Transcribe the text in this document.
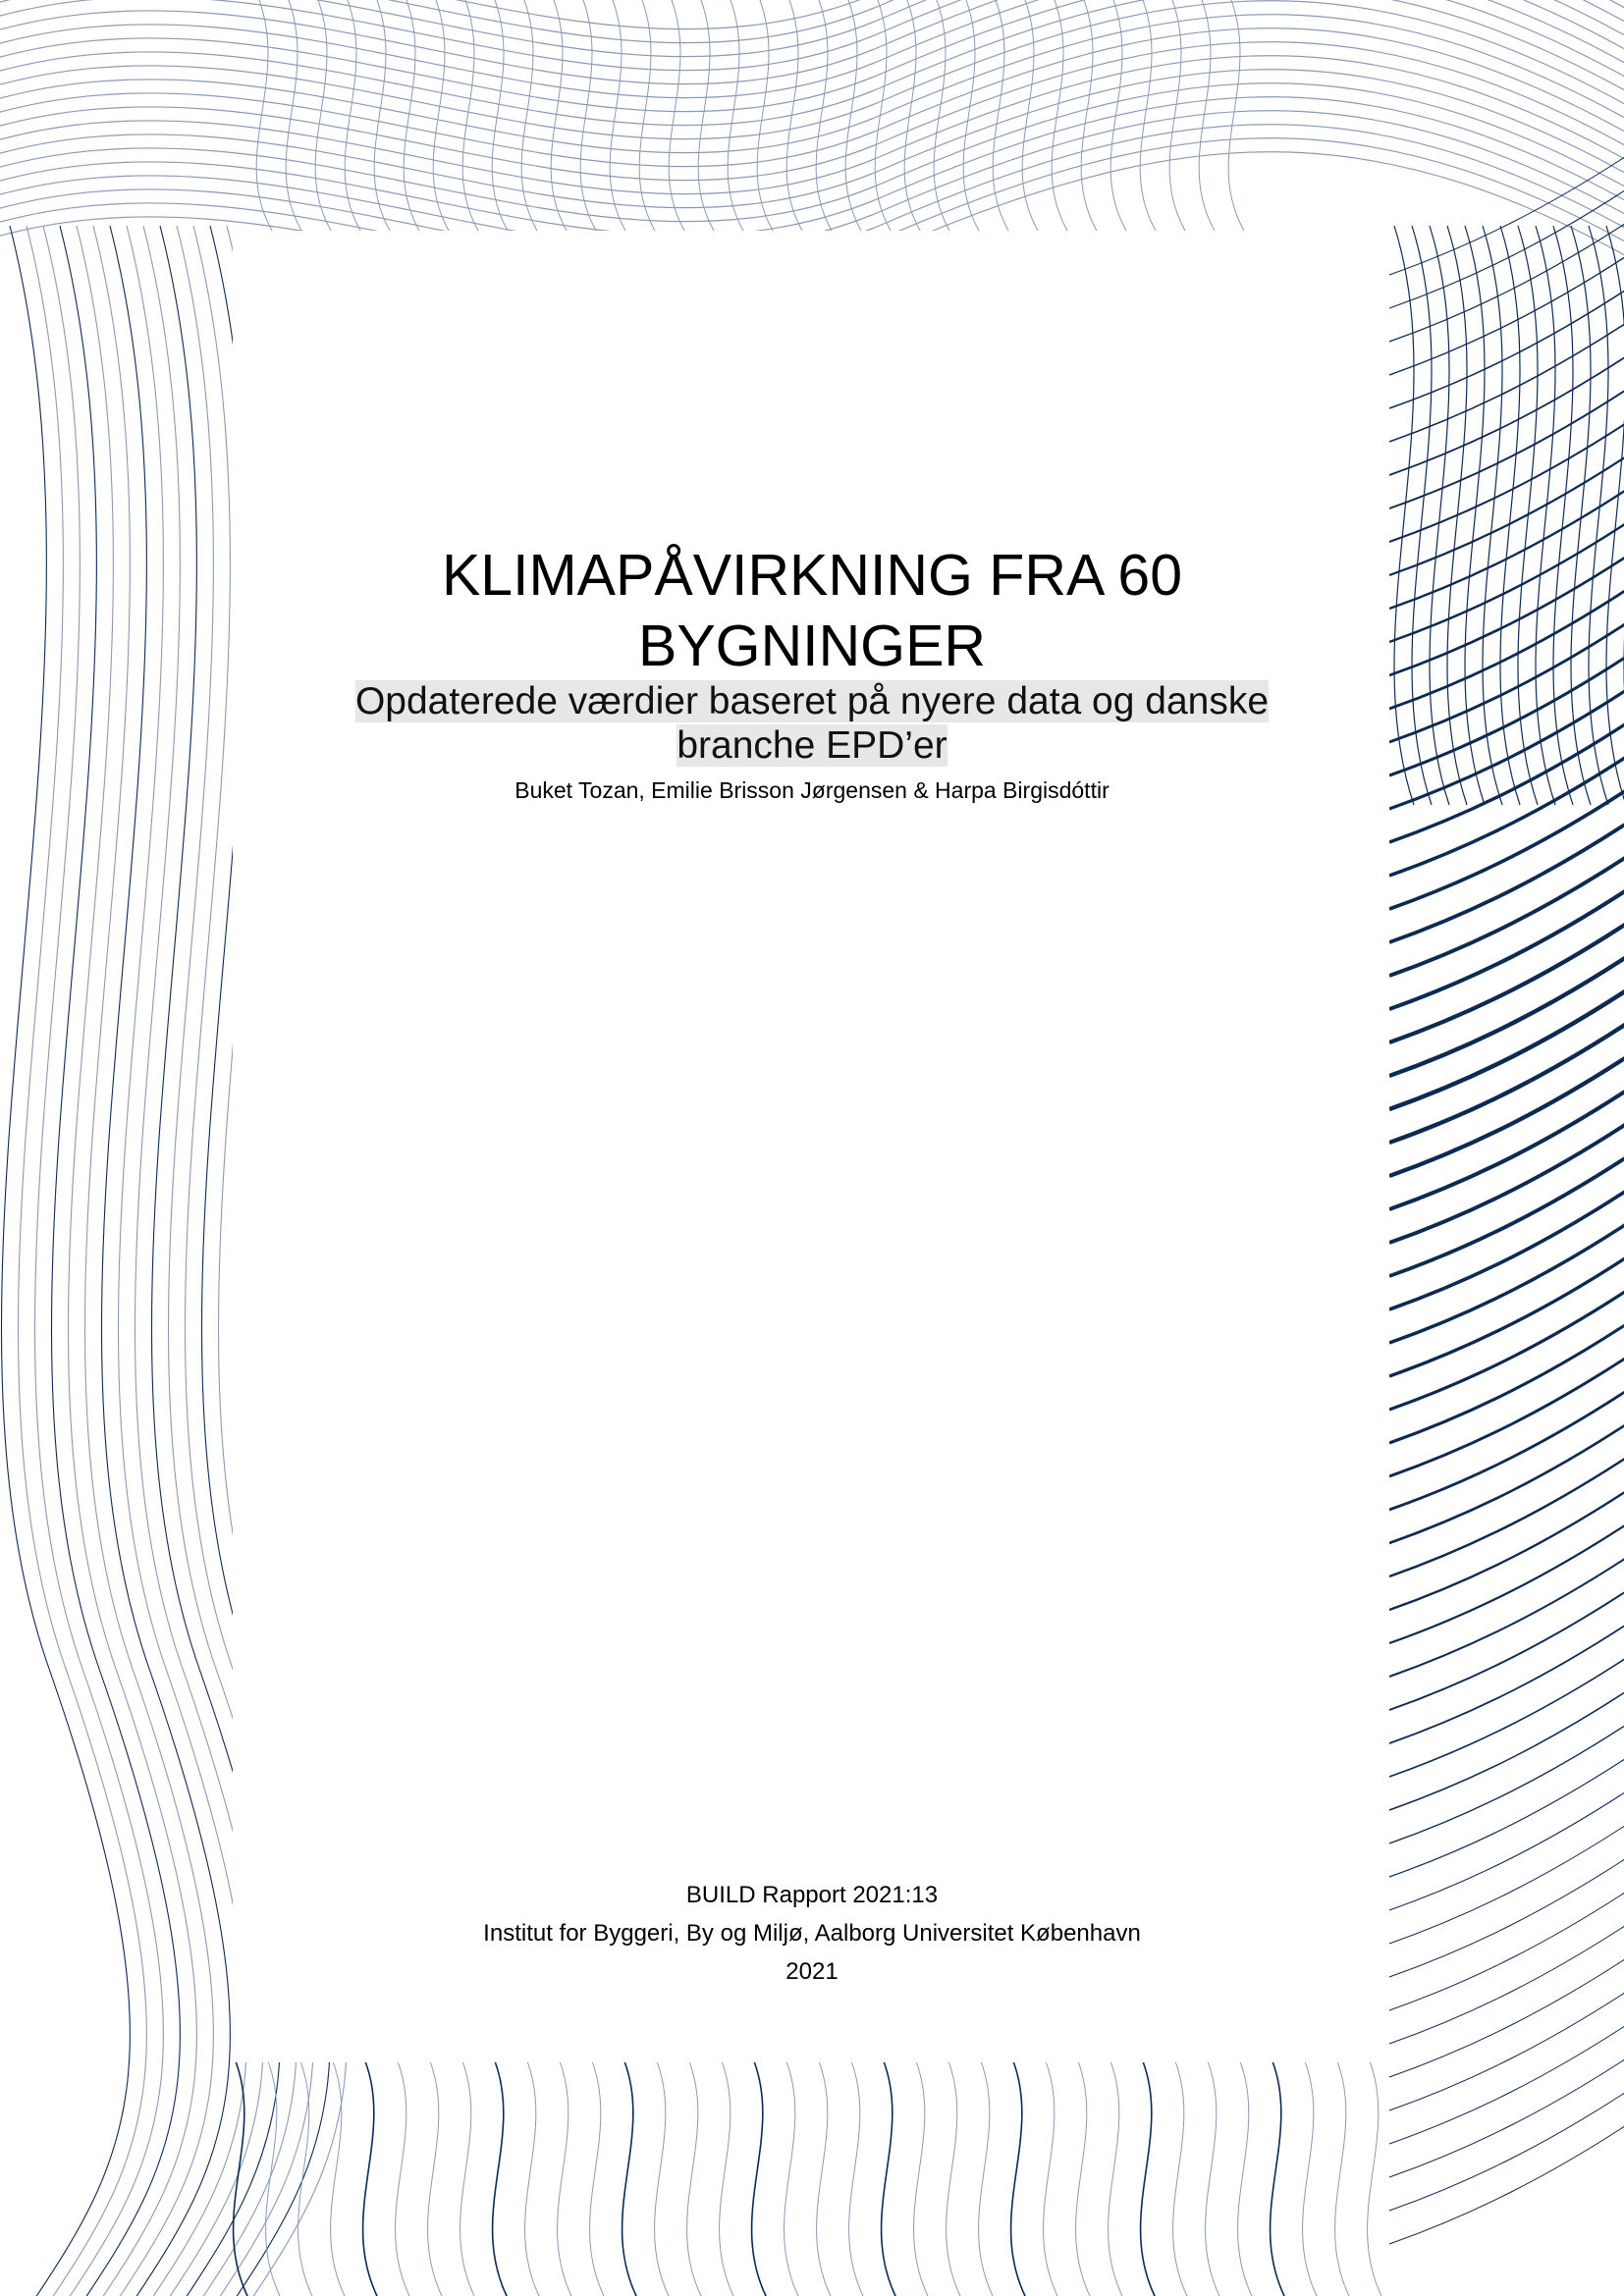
KLIMAPÅVIRKNING FRA 60
BYGNINGER
Opdaterede værdier baseret på nyere data og danske
branche EPD’er
Buket Tozan, Emilie Brisson Jørgensen & Harpa Birgisdóttir
BUILD Rapport 2021:13
Institut for Byggeri, By og Miljø, Aalborg Universitet København
2021
